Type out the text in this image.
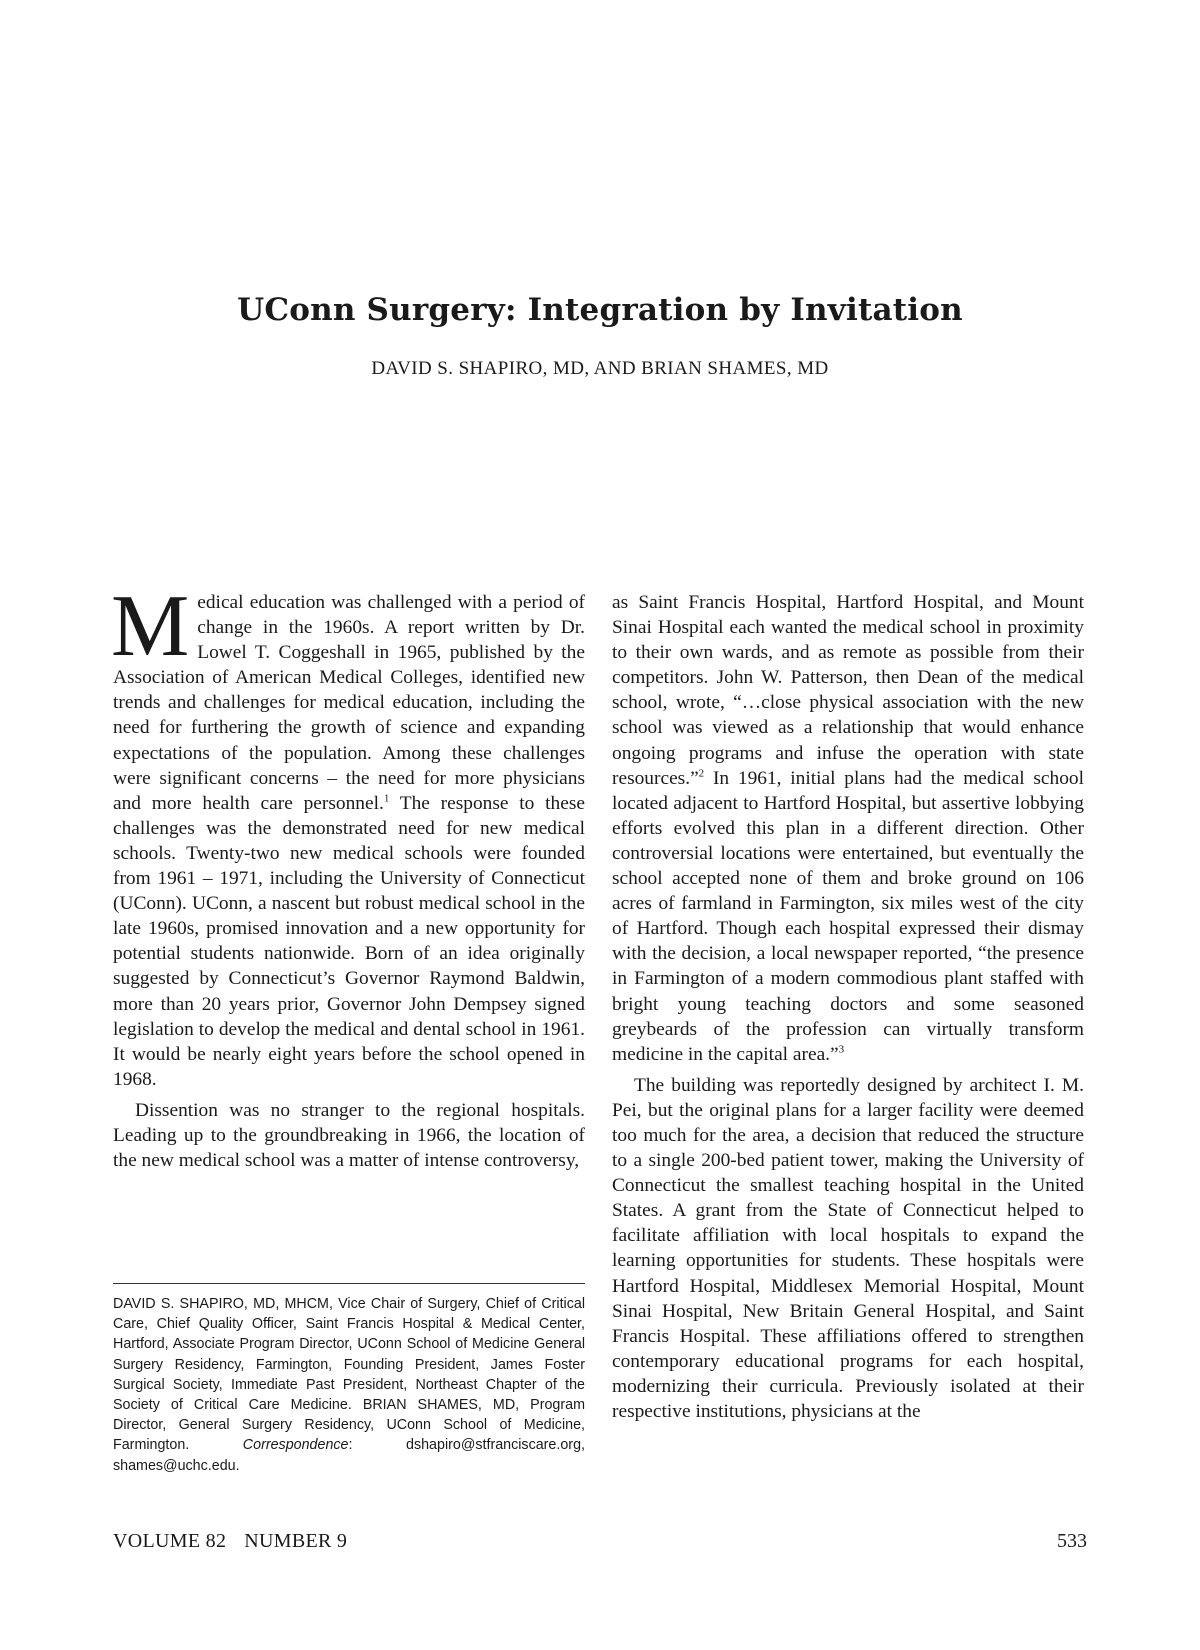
UConn Surgery: Integration by Invitation
DAVID S. SHAPIRO, MD, AND BRIAN SHAMES, MD

Medical education was challenged with a period of change in the 1960s. A report written by Dr. Lowel T. Coggeshall in 1965, published by the Association of American Medical Colleges, identified new trends and challenges for medical education, including the need for furthering the growth of science and expanding expectations of the population. Among these challenges were significant concerns – the need for more physicians and more health care personnel.$^1$ The response to these challenges was the demonstrated need for new medical schools. Twenty-two new medical schools were founded from 1961 – 1971, including the University of Connecticut (UConn). UConn, a nascent but robust medical school in the late 1960s, promised innovation and a new opportunity for potential students nationwide. Born of an idea originally suggested by Connecticut’s Governor Raymond Baldwin, more than 20 years prior, Governor John Dempsey signed legislation to develop the medical and dental school in 1961. It would be nearly eight years before the school opened in 1968.

Dissention was no stranger to the regional hospitals. Leading up to the groundbreaking in 1966, the location of the new medical school was a matter of intense controversy,

as Saint Francis Hospital, Hartford Hospital, and Mount Sinai Hospital each wanted the medical school in proximity to their own wards, and as remote as possible from their competitors. John W. Patterson, then Dean of the medical school, wrote, “…close physical association with the new school was viewed as a relationship that would enhance ongoing programs and infuse the operation with state resources.”$^2$ In 1961, initial plans had the medical school located adjacent to Hartford Hospital, but assertive lobbying efforts evolved this plan in a different direction. Other controversial locations were entertained, but eventually the school accepted none of them and broke ground on 106 acres of farmland in Farmington, six miles west of the city of Hartford. Though each hospital expressed their dismay with the decision, a local newspaper reported, “the presence in Farmington of a modern commodious plant staffed with bright young teaching doctors and some seasoned greybeards of the profession can virtually transform medicine in the capital area.”$^3$

The building was reportedly designed by architect I. M. Pei, but the original plans for a larger facility were deemed too much for the area, a decision that reduced the structure to a single 200-bed patient tower, making the University of Connecticut the smallest teaching hospital in the United States. A grant from the State of Connecticut helped to facilitate affiliation with local hospitals to expand the learning opportunities for students. These hospitals were Hartford Hospital, Middlesex Memorial Hospital, Mount Sinai Hospital, New Britain General Hospital, and Saint Francis Hospital. These affiliations offered to strengthen contemporary educational programs for each hospital, modernizing their curricula. Previously isolated at their respective institutions, physicians at the

DAVID S. SHAPIRO, MD, MHCM, Vice Chair of Surgery, Chief of Critical Care, Chief Quality Officer, Saint Francis Hospital & Medical Center, Hartford, Associate Program Director, UConn School of Medicine General Surgery Residency, Farmington, Founding President, James Foster Surgical Society, Immediate Past President, Northeast Chapter of the Society of Critical Care Medicine. BRIAN SHAMES, MD, Program Director, General Surgery Residency, UConn School of Medicine, Farmington. Correspondence: dshapiro@stfranciscare.org, shames@uchc.edu.

VOLUME 82 NUMBER 9	533
